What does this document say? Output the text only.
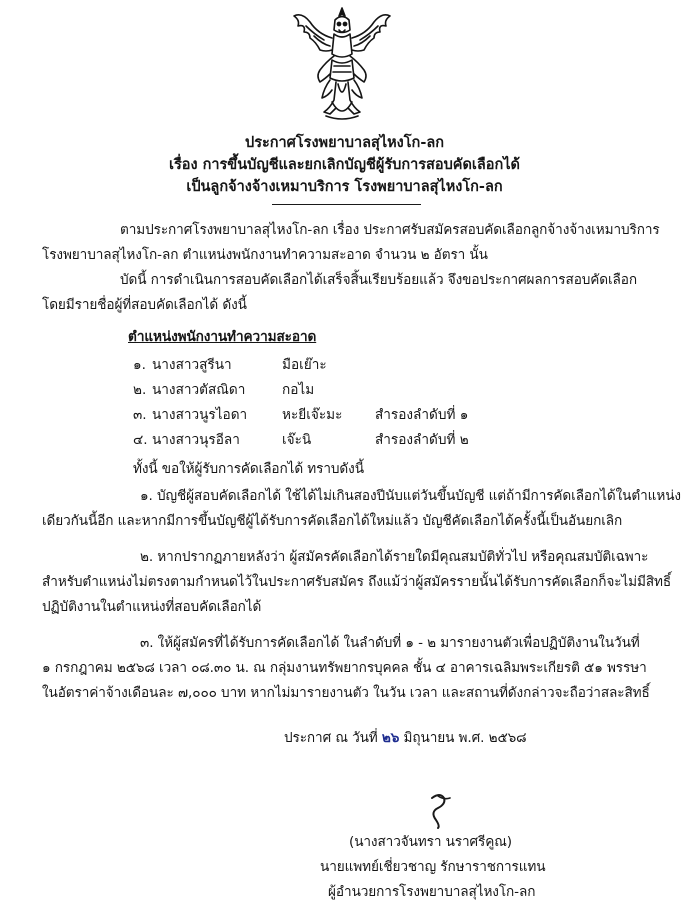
ประกาศโรงพยาบาลสุไหงโก-ลก
เรื่อง การขึ้นบัญชีและยกเลิกบัญชีผู้รับการสอบคัดเลือกได้
เป็นลูกจ้างจ้างเหมาบริการ โรงพยาบาลสุไหงโก-ลก
ตามประกาศโรงพยาบาลสุไหงโก-ลก เรื่อง ประกาศรับสมัครสอบคัดเลือกลูกจ้างจ้างเหมาบริการ
โรงพยาบาลสุไหงโก-ลก ตำแหน่งพนักงานทำความสะอาด จำนวน ๒ อัตรา นั้น
บัดนี้ การดำเนินการสอบคัดเลือกได้เสร็จสิ้นเรียบร้อยแล้ว จึงขอประกาศผลการสอบคัดเลือก
โดยมีรายชื่อผู้ที่สอบคัดเลือกได้ ดังนี้
ตำแหน่งพนักงานทำความสะอาด
๑. นางสาวสูรีนา	มือเย๊าะ
๒. นางสาวตัสณิดา	กอไม
๓. นางสาวนูรไอดา	หะยีเจ๊ะมะ สำรองลำดับที่ ๑
๔. นางสาวนุรอีลา	เจ๊ะนิ	สำรองลำดับที่ ๒
ทั้งนี้ ขอให้ผู้รับการคัดเลือกได้ ทราบดังนี้
๑. บัญชีผู้สอบคัดเลือกได้ ใช้ได้ไม่เกินสองปีนับแต่วันขึ้นบัญชี แต่ถ้ามีการคัดเลือกได้ในตำแหน่ง
เดียวกันนี้อีก และหากมีการขึ้นบัญชีผู้ได้รับการคัดเลือกได้ใหม่แล้ว บัญชีคัดเลือกได้ครั้งนี้เป็นอันยกเลิก
๒. หากปรากฏภายหลังว่า ผู้สมัครคัดเลือกได้รายใดมีคุณสมบัติทั่วไป หรือคุณสมบัติเฉพาะ
สำหรับตำแหน่งไม่ตรงตามกำหนดไว้ในประกาศรับสมัคร ถึงแม้ว่าผู้สมัครรายนั้นได้รับการคัดเลือกก็จะไม่มีสิทธิ์
ปฏิบัติงานในตำแหน่งที่สอบคัดเลือกได้
๓. ให้ผู้สมัครที่ได้รับการคัดเลือกได้ ในลำดับที่ ๑ - ๒ มารายงานตัวเพื่อปฏิบัติงานในวันที่
๑ กรกฎาคม ๒๕๖๘ เวลา ๐๘.๓๐ น. ณ กลุ่มงานทรัพยากรบุคคล ชั้น ๔ อาคารเฉลิมพระเกียรติ ๕๑ พรรษา
ในอัตราค่าจ้างเดือนละ ๗,๐๐๐ บาท หากไม่มารายงานตัว ในวัน เวลา และสถานที่ดังกล่าวจะถือว่าสละสิทธิ์
ประกาศ ณ วันที่ ๒๖ มิถุนายน พ.ศ. ๒๕๖๘
(นางสาวจันทรา นราศรีคูณ)
นายแพทย์เชี่ยวชาญ รักษาราชการแทน
ผู้อำนวยการโรงพยาบาลสุไหงโก-ลก
